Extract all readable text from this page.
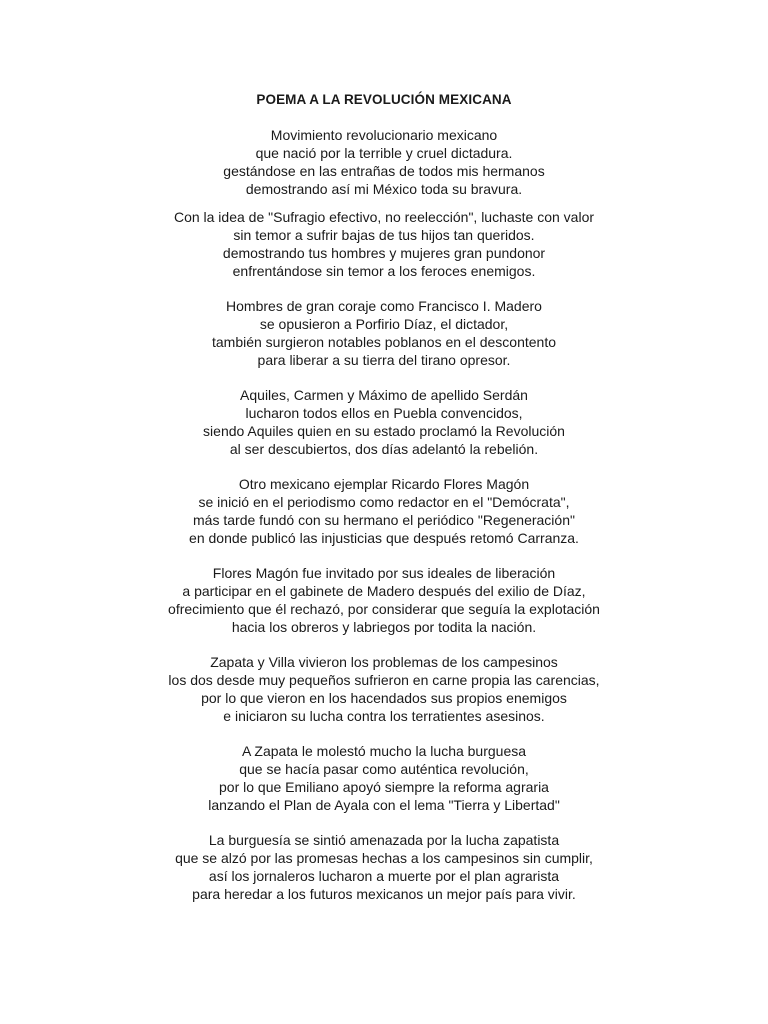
POEMA A LA REVOLUCIÓN MEXICANA
Movimiento revolucionario mexicano
que nació por la terrible y cruel dictadura.
gestándose en las entrañas de todos mis hermanos
demostrando así mi México toda su bravura.
Con la idea de "Sufragio efectivo, no reelección", luchaste con valor
sin temor a sufrir bajas de tus hijos tan queridos.
demostrando tus hombres y mujeres gran pundonor
enfrentándose sin temor a los feroces enemigos.
Hombres de gran coraje como Francisco I. Madero
se opusieron a Porfirio Díaz, el dictador,
también surgieron notables poblanos en el descontento
para liberar a su tierra del tirano opresor.
Aquiles, Carmen y Máximo de apellido Serdán
lucharon todos ellos en Puebla convencidos,
siendo Aquiles quien en su estado proclamó la Revolución
al ser descubiertos, dos días adelantó la rebelión.
Otro mexicano ejemplar Ricardo Flores Magón
se inició en el periodismo como redactor en el "Demócrata",
más tarde fundó con su hermano el periódico "Regeneración"
en donde publicó las injusticias que después retomó Carranza.
Flores Magón fue invitado por sus ideales de liberación
a participar en el gabinete de Madero después del exilio de Díaz,
ofrecimiento que él rechazó, por considerar que seguía la explotación
hacia los obreros y labriegos por todita la nación.
Zapata y Villa vivieron los problemas de los campesinos
los dos desde muy pequeños sufrieron en carne propia las carencias,
por lo que vieron en los hacendados sus propios enemigos
e iniciaron su lucha contra los terratientes asesinos.
A Zapata le molestó mucho la lucha burguesa
que se hacía pasar como auténtica revolución,
por lo que Emiliano apoyó siempre la reforma agraria
lanzando el Plan de Ayala con el lema "Tierra y Libertad"
La burguesía se sintió amenazada por la lucha zapatista
que se alzó por las promesas hechas a los campesinos sin cumplir,
así los jornaleros lucharon a muerte por el plan agrarista
para heredar a los futuros mexicanos un mejor país para vivir.
